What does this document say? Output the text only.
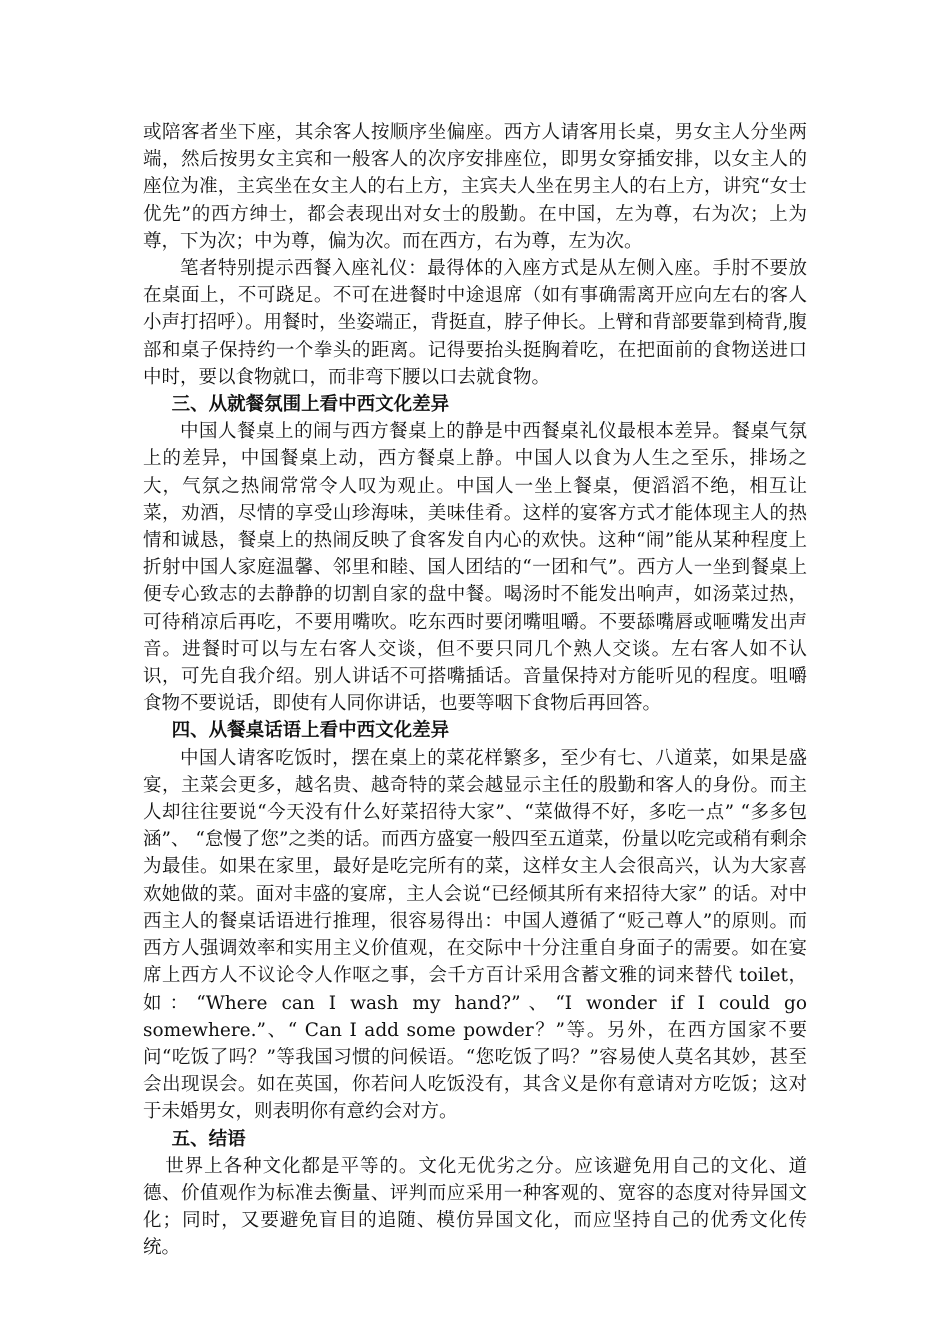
或陪客者坐下座，其余客人按顺序坐偏座。西方人请客用长桌，男女主人分坐两端，然后按男女主宾和一般客人的次序安排座位，即男女穿插安排，以女主人的座位为准，主宾坐在女主人的右上方，主宾夫人坐在男主人的右上方，讲究“女士优先”的西方绅士，都会表现出对女士的殷勤。在中国，左为尊，右为次；上为尊，下为次；中为尊，偏为次。而在西方，右为尊，左为次。

笔者特别提示西餐入座礼仪：最得体的入座方式是从左侧入座。手肘不要放在桌面上，不可跷足。不可在进餐时中途退席（如有事确需离开应向左右的客人小声打招呼）。用餐时，坐姿端正，背挺直，脖子伸长。上臂和背部要靠到椅背,腹部和桌子保持约一个拳头的距离。记得要抬头挺胸着吃，在把面前的食物送进口中时，要以食物就口，而非弯下腰以口去就食物。

三、从就餐氛围上看中西文化差异

中国人餐桌上的闹与西方餐桌上的静是中西餐桌礼仪最根本差异。餐桌气氛上的差异，中国餐桌上动，西方餐桌上静。中国人以食为人生之至乐，排场之大，气氛之热闹常常令人叹为观止。中国人一坐上餐桌，便滔滔不绝，相互让菜，劝酒，尽情的享受山珍海味，美味佳肴。这样的宴客方式才能体现主人的热情和诚恳，餐桌上的热闹反映了食客发自内心的欢快。这种“闹”能从某种程度上折射中国人家庭温馨、邻里和睦、国人团结的“一团和气”。西方人一坐到餐桌上便专心致志的去静静的切割自家的盘中餐。喝汤时不能发出响声，如汤菜过热，可待稍凉后再吃，不要用嘴吹。吃东西时要闭嘴咀嚼。不要舔嘴唇或咂嘴发出声音。进餐时可以与左右客人交谈，但不要只同几个熟人交谈。左右客人如不认识，可先自我介绍。别人讲话不可搭嘴插话。音量保持对方能听见的程度。咀嚼食物不要说话，即使有人同你讲话，也要等咽下食物后再回答。

四、从餐桌话语上看中西文化差异

中国人请客吃饭时，摆在桌上的菜花样繁多，至少有七、八道菜，如果是盛宴，主菜会更多，越名贵、越奇特的菜会越显示主任的殷勤和客人的身份。而主人却往往要说“今天没有什么好菜招待大家”、“菜做得不好，多吃一点” “多多包涵”、 “怠慢了您”之类的话。而西方盛宴一般四至五道菜，份量以吃完或稍有剩余为最佳。如果在家里，最好是吃完所有的菜，这样女主人会很高兴，认为大家喜欢她做的菜。面对丰盛的宴席，主人会说“已经倾其所有来招待大家” 的话。对中西主人的餐桌话语进行推理，很容易得出：中国人遵循了“贬己尊人”的原则。而西方人强调效率和实用主义价值观，在交际中十分注重自身面子的需要。如在宴席上西方人不议论令人作呕之事，会千方百计采用含蓄文雅的词来替代 toilet，如：“Where can I wash my hand?”、“I wonder if I could go somewhere.”、“ Can I add some powder？”等。另外，在西方国家不要问“吃饭了吗？”等我国习惯的问候语。“您吃饭了吗？”容易使人莫名其妙，甚至会出现误会。如在英国，你若问人吃饭没有，其含义是你有意请对方吃饭；这对于未婚男女，则表明你有意约会对方。

五、结语

世界上各种文化都是平等的。文化无优劣之分。应该避免用自己的文化、道德、价值观作为标准去衡量、评判而应采用一种客观的、宽容的态度对待异国文化；同时，又要避免盲目的追随、模仿异国文化，而应坚持自己的优秀文化传统。
